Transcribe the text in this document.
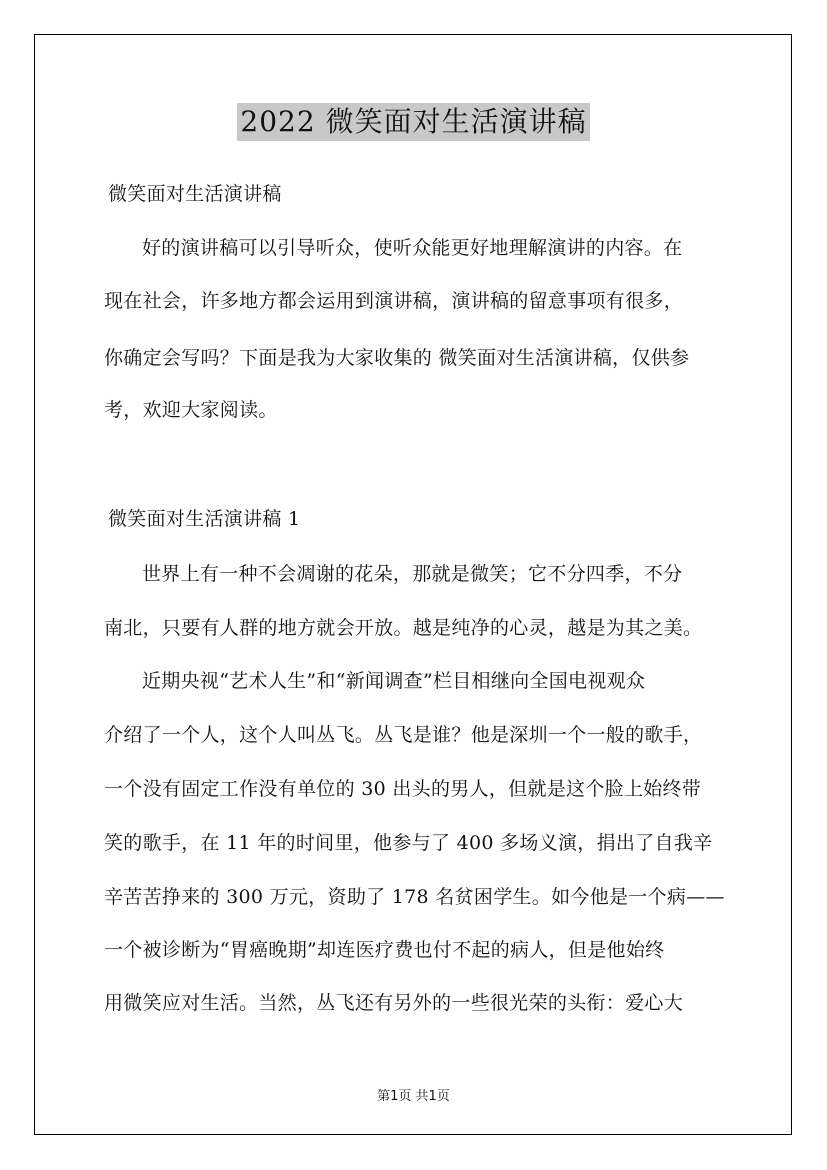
2022 微笑面对生活演讲稿
微笑面对生活演讲稿
好的演讲稿可以引导听众，使听众能更好地理解演讲的内容。在
现在社会，许多地方都会运用到演讲稿，演讲稿的留意事项有很多，
你确定会写吗？下面是我为大家收集的 微笑面对生活演讲稿，仅供参
考，欢迎大家阅读。
微笑面对生活演讲稿 1
世界上有一种不会凋谢的花朵，那就是微笑；它不分四季，不分
南北，只要有人群的地方就会开放。越是纯净的心灵，越是为其之美。
近期央视“艺术人生”和“新闻调查”栏目相继向全国电视观众
介绍了一个人，这个人叫丛飞。丛飞是谁？他是深圳一个一般的歌手，
一个没有固定工作没有单位的 30 出头的男人，但就是这个脸上始终带
笑的歌手，在 11 年的时间里，他参与了 400 多场义演，捐出了自我辛
辛苦苦挣来的 300 万元，资助了 178 名贫困学生。如今他是一个病——
一个被诊断为“胃癌晚期”却连医疗费也付不起的病人，但是他始终
用微笑应对生活。当然，丛飞还有另外的一些很光荣的头衔：爱心大
第1页 共1页
